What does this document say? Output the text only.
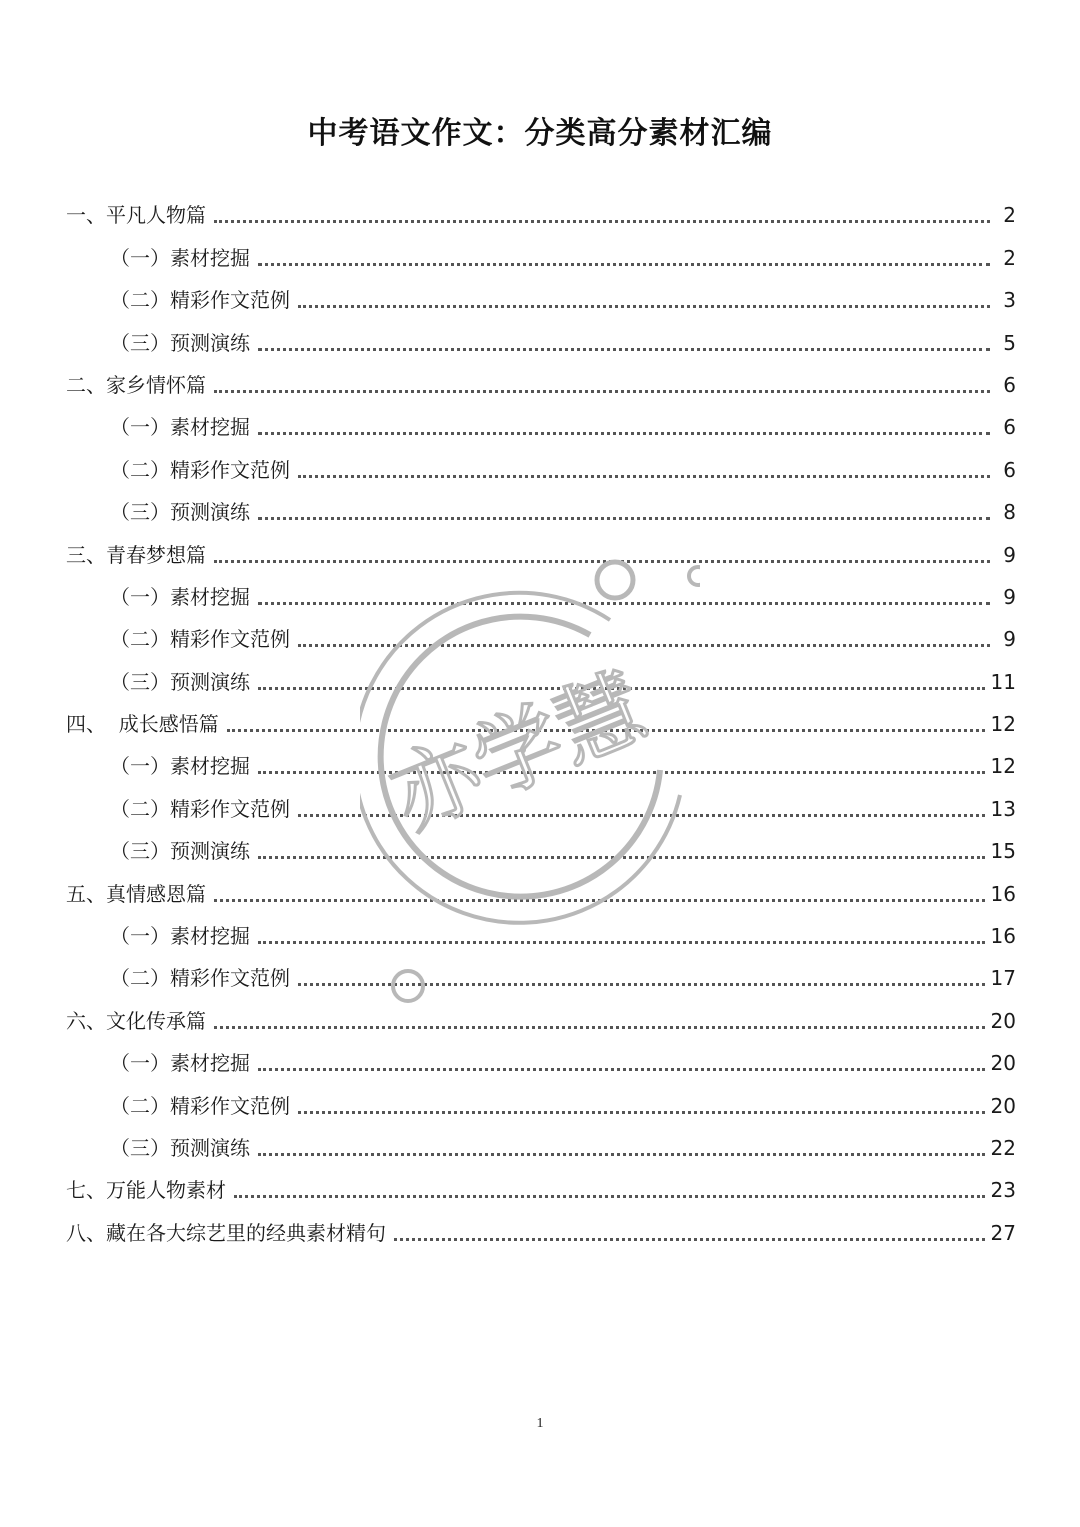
中考语文作文：分类高分素材汇编
一、平凡人物篇	2
（一）素材挖掘	2
（二）精彩作文范例	3
（三）预测演练	5
二、家乡情怀篇	6
（一）素材挖掘	6
（二）精彩作文范例	6
（三）预测演练	8
三、青春梦想篇	9
（一）素材挖掘	9
（二）精彩作文范例	9
（三）预测演练	11
四、  成长感悟篇	12
（一）素材挖掘	12
（二）精彩作文范例	13
（三）预测演练	15
五、真情感恩篇	16
（一）素材挖掘	16
（二）精彩作文范例	17
六、文化传承篇	20
（一）素材挖掘	20
（二）精彩作文范例	20
（三）预测演练	22
七、万能人物素材	23
八、藏在各大综艺里的经典素材精句	27
亦学慧
1
